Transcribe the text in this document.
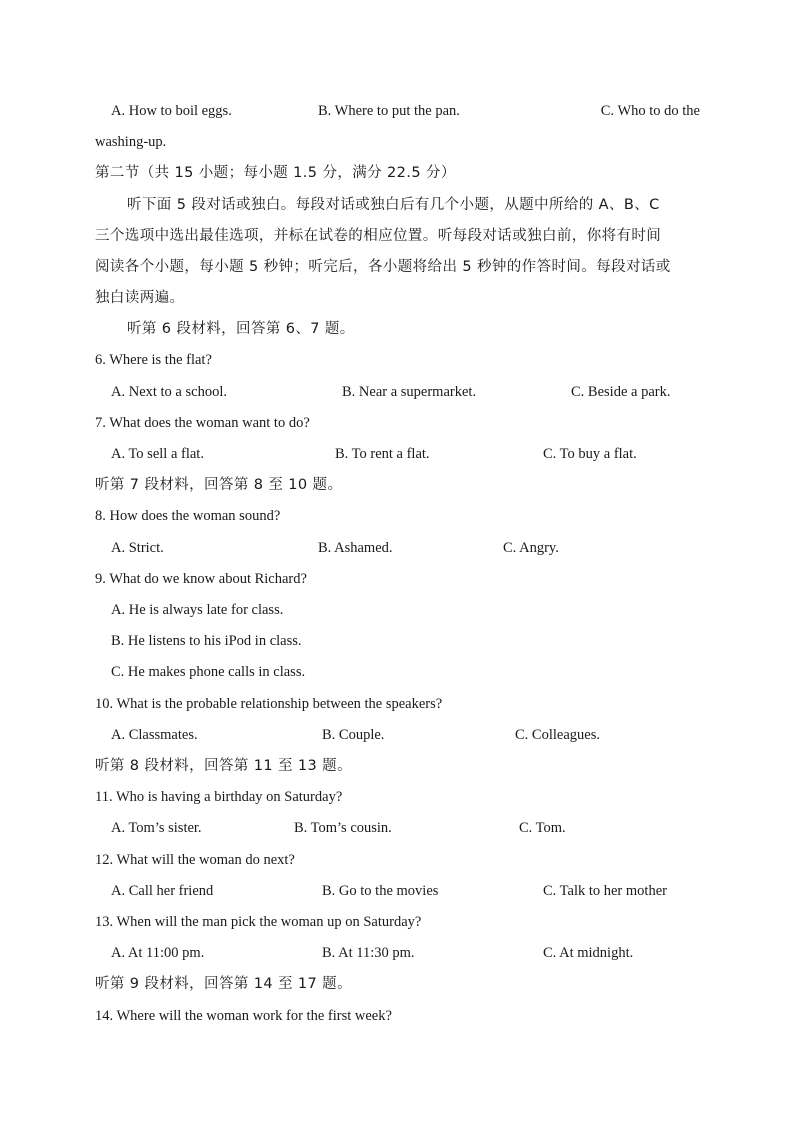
A. How to boil eggs.	B. Where to put the pan.	C. Who to do the
washing-up.
第二节（共 15 小题；每小题 1.5 分，满分 22.5 分）
听下面 5 段对话或独白。每段对话或独白后有几个小题，从题中所给的 A、B、C
三个选项中选出最佳选项，并标在试卷的相应位置。听每段对话或独白前，你将有时间
阅读各个小题，每小题 5 秒钟；听完后，各小题将给出 5 秒钟的作答时间。每段对话或
独白读两遍。
听第 6 段材料，回答第 6、7 题。
6. Where is the flat?
A. Next to a school.	B. Near a supermarket.	C. Beside a park.
7. What does the woman want to do?
A. To sell a flat.	B. To rent a flat.	C. To buy a flat.
听第 7 段材料，回答第 8 至 10 题。
8. How does the woman sound?
A. Strict.	B. Ashamed.	C. Angry.
9. What do we know about Richard?
A. He is always late for class.
B. He listens to his iPod in class.
C. He makes phone calls in class.
10. What is the probable relationship between the speakers?
A. Classmates.	B. Couple.	C. Colleagues.
听第 8 段材料，回答第 11 至 13 题。
11. Who is having a birthday on Saturday?
A. Tom’s sister.	B. Tom’s cousin.	C. Tom.
12. What will the woman do next?
A. Call her friend	B. Go to the movies	C. Talk to her mother
13. When will the man pick the woman up on Saturday?
A. At 11:00 pm.	B. At 11:30 pm.	C. At midnight.
听第 9 段材料，回答第 14 至 17 题。
14. Where will the woman work for the first week?
